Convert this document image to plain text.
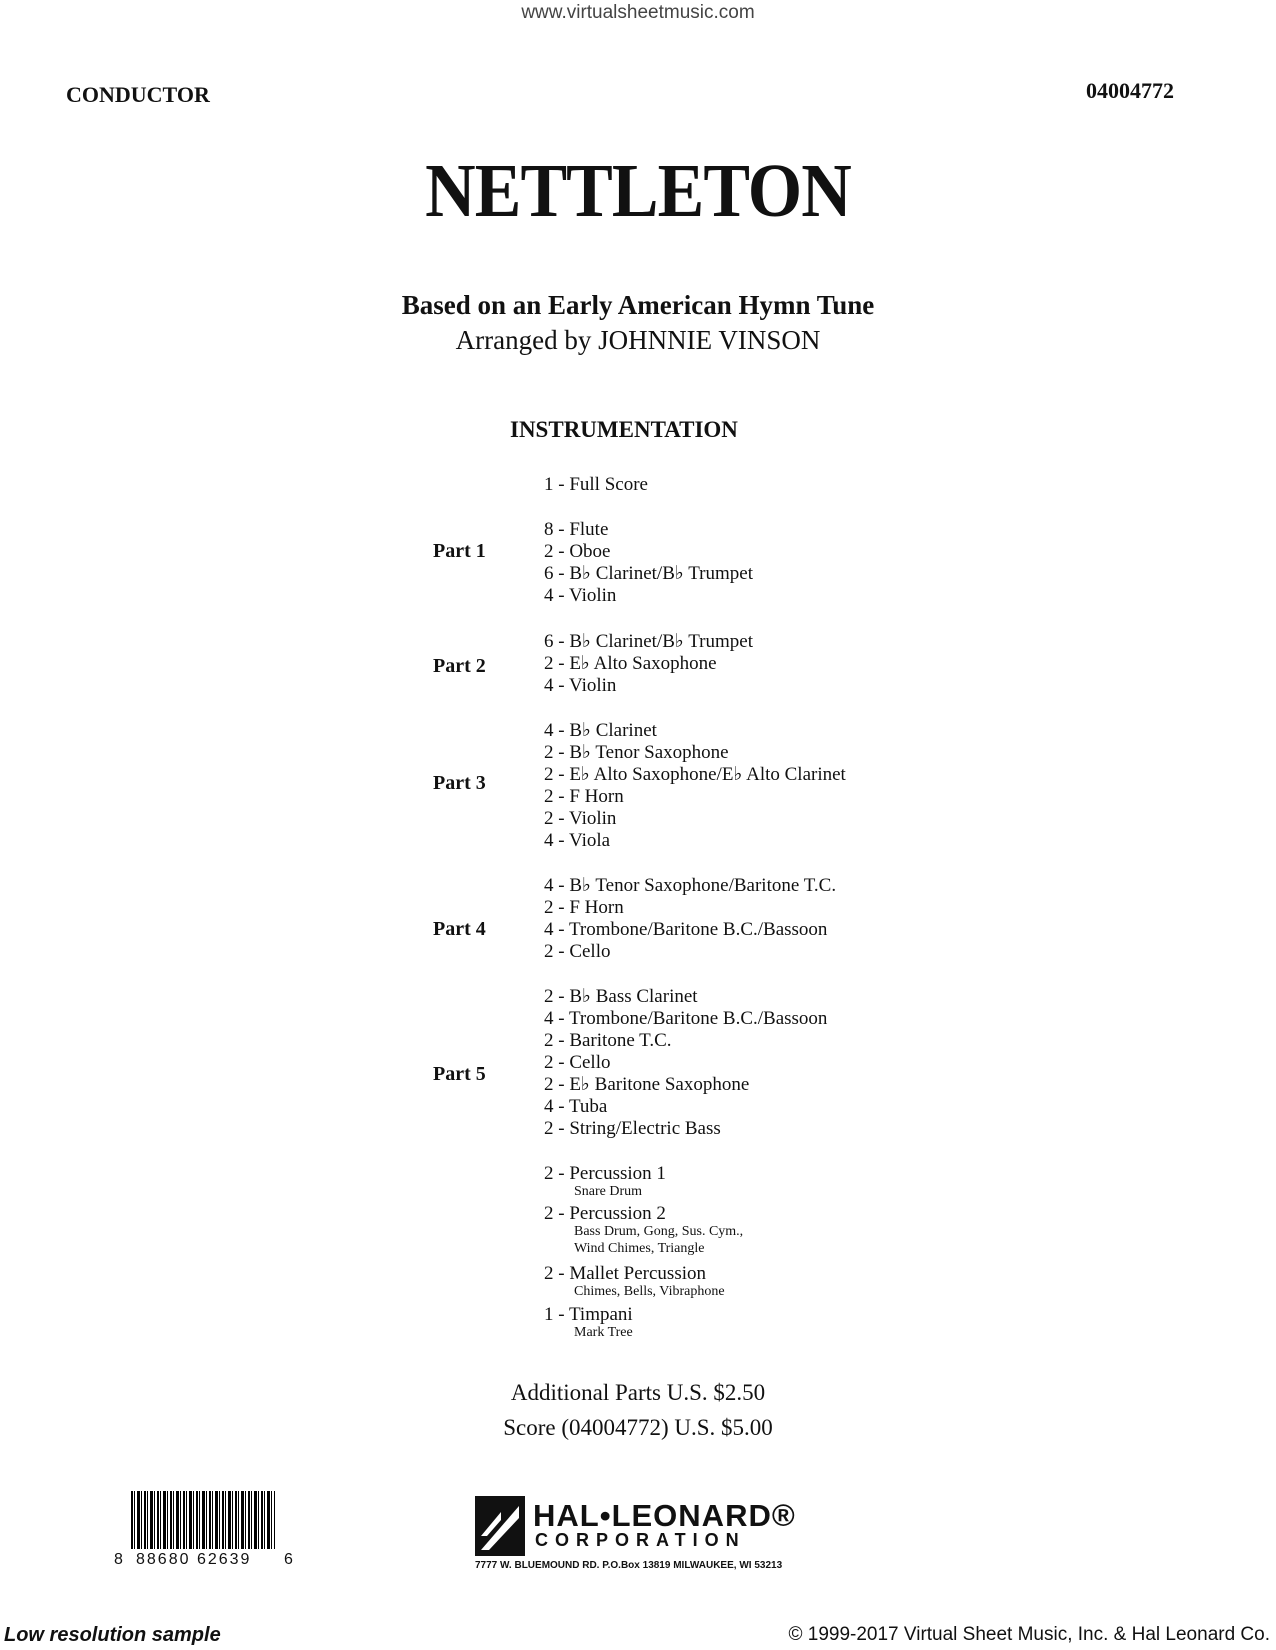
www.virtualsheetmusic.com
CONDUCTOR	04004772
NETTLETON
Based on an Early American Hymn Tune
Arranged by JOHNNIE VINSON
INSTRUMENTATION
1 - Full Score
Part 1
8 - Flute
2 - Oboe
6 - B♭ Clarinet/B♭ Trumpet
4 - Violin
Part 2
6 - B♭ Clarinet/B♭ Trumpet
2 - E♭ Alto Saxophone
4 - Violin
Part 3
4 - B♭ Clarinet
2 - B♭ Tenor Saxophone
2 - E♭ Alto Saxophone/E♭ Alto Clarinet
2 - F Horn
2 - Violin
4 - Viola
Part 4
4 - B♭ Tenor Saxophone/Baritone T.C.
2 - F Horn
4 - Trombone/Baritone B.C./Bassoon
2 - Cello
Part 5
2 - B♭ Bass Clarinet
4 - Trombone/Baritone B.C./Bassoon
2 - Baritone T.C.
2 - Cello
2 - E♭ Baritone Saxophone
4 - Tuba
2 - String/Electric Bass
2 - Percussion 1
Snare Drum
2 - Percussion 2
Bass Drum, Gong, Sus. Cym.,
Wind Chimes, Triangle
2 - Mallet Percussion
Chimes, Bells, Vibraphone
1 - Timpani
Mark Tree
Additional Parts U.S. $2.50
Score (04004772) U.S. $5.00
8 88680 62639 6
HAL•LEONARD®
CORPORATION
7777 W. BLUEMOUND RD. P.O.Box 13819 MILWAUKEE, WI 53213
Low resolution sample	© 1999-2017 Virtual Sheet Music, Inc. & Hal Leonard Co.
